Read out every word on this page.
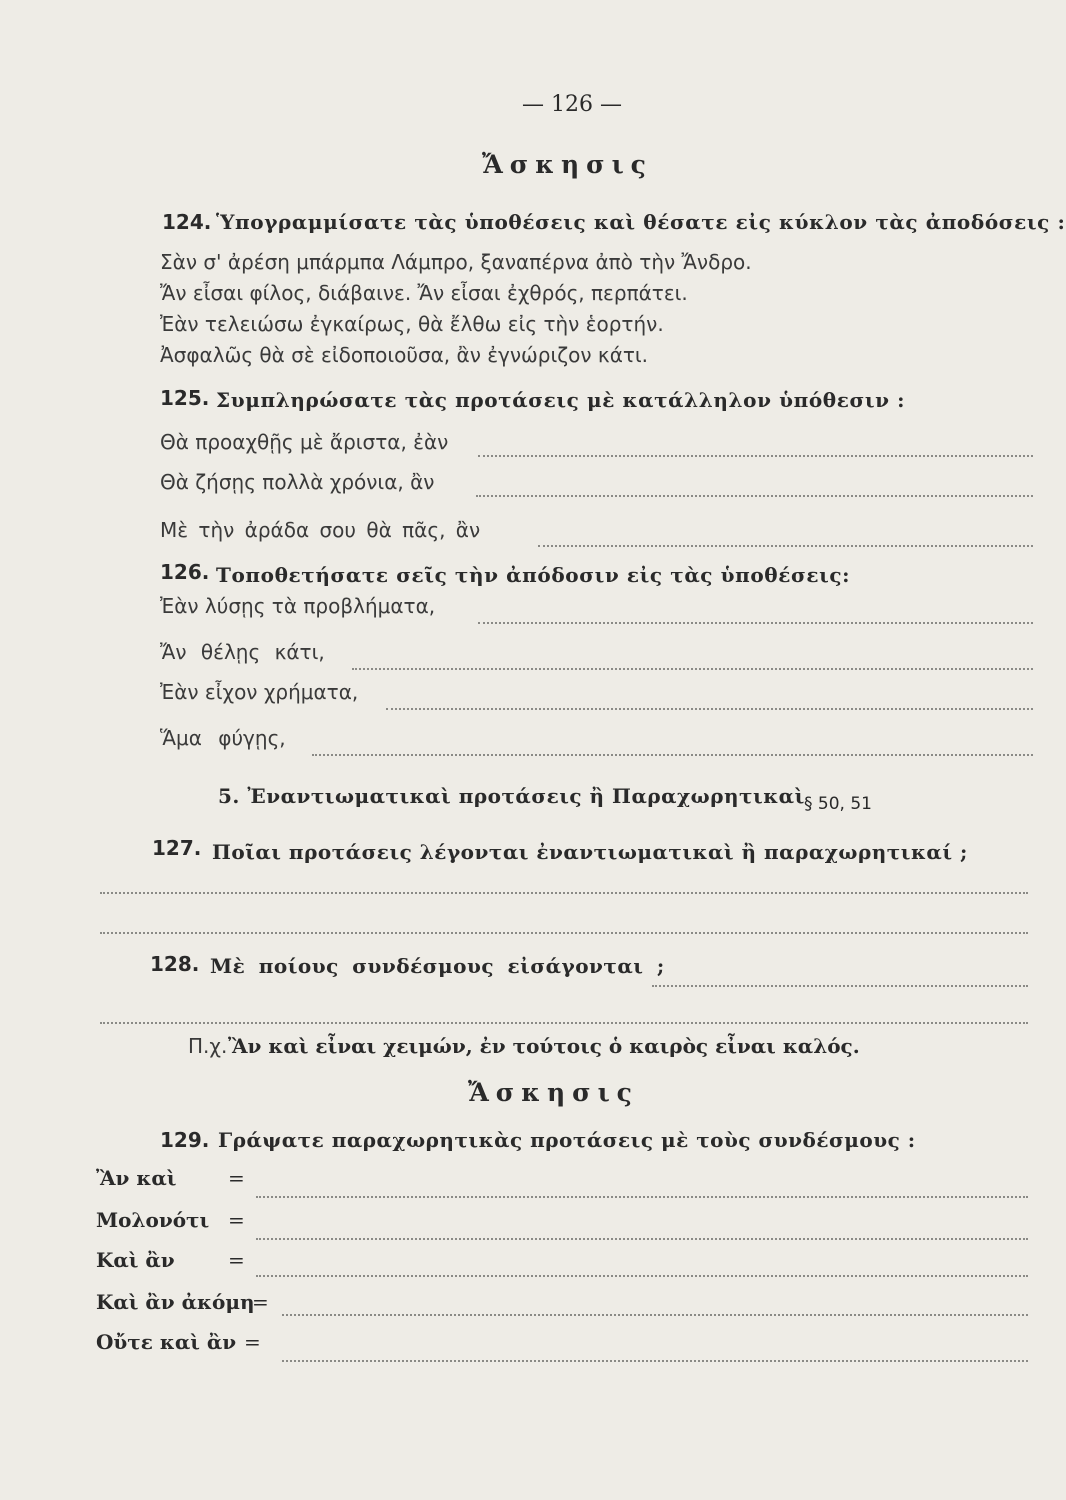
— 126 —
Ἄσκησις
124. Ὑπογραμμίσατε τὰς ὑποθέσεις καὶ θέσατε εἰς κύκλον τὰς ἀποδόσεις :
Σὰν σ' ἀρέση μπάρμπα Λάμπρο, ξαναπέρνα ἀπὸ τὴν Ἄνδρο.
Ἄν εἶσαι φίλος, διάβαινε. Ἄν εἶσαι ἐχθρός, περπάτει.
Ἐὰν τελειώσω ἐγκαίρως, θὰ ἔλθω εἰς τὴν ἑορτήν.
Ἀσφαλῶς θὰ σὲ εἰδοποιοῦσα, ἂν ἐγνώριζον κάτι.
125. Συμπληρώσατε τὰς προτάσεις μὲ κατάλληλον ὑπόθεσιν :
Θὰ προαχθῇς μὲ ἄριστα, ἐὰν
Θὰ ζήσῃς πολλὰ χρόνια, ἂν
Μὲ τὴν ἀράδα σου θὰ πᾶς, ἂν
126. Τοποθετήσατε σεῖς τὴν ἀπόδοσιν εἰς τὰς ὑποθέσεις:
Ἐὰν λύσῃς τὰ προβλήματα,
Ἄν θέλῃς κάτι,
Ἐὰν εἶχον χρήματα,
Ἅμα φύγῃς,
5. Ἐναντιωματικαὶ προτάσεις ἢ Παραχωρητικαὶ § 50, 51
127. Ποῖαι προτάσεις λέγονται ἐναντιωματικαὶ ἢ παραχωρητικαί ;
128. Μὲ ποίους συνδέσμους εἰσάγονται ;
Π.χ. Ἂν καὶ εἶναι χειμών, ἐν τούτοις ὁ καιρὸς εἶναι καλός.
Ἄσκησις
129. Γράψατε παραχωρητικὰς προτάσεις μὲ τοὺς συνδέσμους :
Ἂν καὶ	=
Μολονότι =
Καὶ ἂν	=
Καὶ ἂν ἀκόμη
=
Οὔτε καὶ ἂν =
